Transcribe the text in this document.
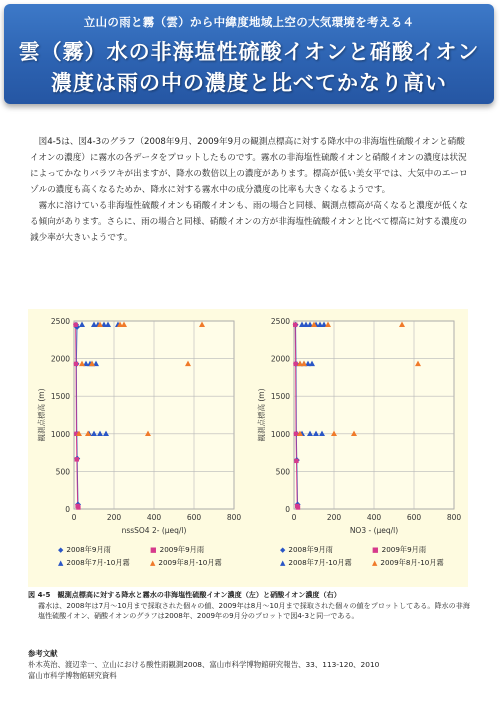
立山の雨と霧（雲）から中緯度地域上空の大気環境を考える４
雲（霧）水の非海塩性硫酸イオンと硝酸イオン
濃度は雨の中の濃度と比べてかなり高い

図4-5は、図4-3のグラフ（2008年9月、2009年9月の観測点標高に対する降水中の非海塩性硫酸イオンと硝酸イオンの濃度）に霧水の各データをプロットしたものです。霧水の非海塩性硫酸イオンと硝酸イオンの濃度は状況によってかなりバラツキが出ますが、降水の数倍以上の濃度があります。標高が低い美女平では、大気中のエーロゾルの濃度も高くなるためか、降水に対する霧水中の成分濃度の比率も大きくなるようです。

霧水に溶けている非海塩性硫酸イオンも硝酸イオンも、雨の場合と同様、観測点標高が高くなると濃度が低くなる傾向があります。さらに、雨の場合と同様、硝酸イオンの方が非海塩性硫酸イオンと比べて標高に対する濃度の減少率が大きいようです。

0
500
1000
1500
2000
2500
0	200	400	600	800
nssSO4 2- (μeq/l)
観測点標高 (m)
0
500
1000
1500
2000
2500
0	200	400	600	800
NO3 - (μeq/l)
観測点標高 (m)
◆ 2008年9月雨	■ 2009年9月雨
▲ 2008年7月-10月霧	▲ 2009年8月-10月霧
◆ 2008年9月雨	■ 2009年9月雨
▲ 2008年7月-10月霧	▲ 2009年8月-10月霧
図 4-5　観測点標高に対する降水と霧水の非海塩性硫酸イオン濃度（左）と硝酸イオン濃度（右）
霧水は、2008年は7月～10月まで採取された個々の値、2009年は8月～10月まで採取された個々の値をプロットしてある。降水の非海塩性硫酸イオン、硝酸イオンのグラフは2008年、2009年の9月分のプロットで図4-3と同一である。
参考文献
朴木英治、渡辺幸一、立山における酸性雨観測2008、富山市科学博物館研究報告、33、113-120、2010
富山市科学博物館研究資料
